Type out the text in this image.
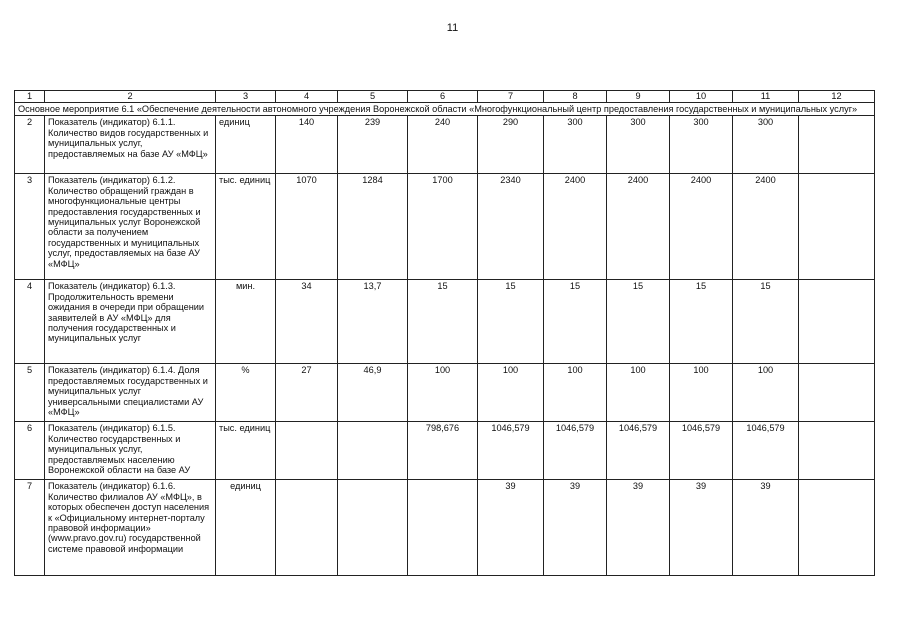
11
1	2	3	4	5	6	7	8	9	10	11	12
Основное мероприятие 6.1 «Обеспечение деятельности автономного учреждения Воронежской области «Многофункциональный центр предоставления государственных и муниципальных услуг»											
2	Показатель (индикатор) 6.1.1. Количество видов государственных и муниципальных услуг, предоставляемых на базе АУ «МФЦ»	единиц	140	239	240	290	300	300	300	300	
3	Показатель (индикатор) 6.1.2. Количество обращений граждан в многофункциональные центры предоставления государственных и муниципальных услуг Воронежской области за получением государственных и муниципальных услуг, предоставляемых на базе АУ «МФЦ»	тыс. единиц	1070	1284	1700	2340	2400	2400	2400	2400	
4	Показатель (индикатор) 6.1.3. Продолжительность времени ожидания в очереди при обращении заявителей в АУ «МФЦ» для получения государственных и муниципальных услуг	мин.	34	13,7	15	15	15	15	15	15	
5	Показатель (индикатор) 6.1.4. Доля предоставляемых государственных и муниципальных услуг универсальными специалистами АУ «МФЦ»	%	27	46,9	100	100	100	100	100	100	
6	Показатель (индикатор) 6.1.5. Количество государственных и муниципальных услуг, предоставляемых населению Воронежской области на базе АУ	тыс. единиц			798,676	1046,579	1046,579	1046,579	1046,579	1046,579	
7	Показатель (индикатор) 6.1.6. Количество филиалов АУ «МФЦ», в которых обеспечен доступ населения к «Официальному интернет-порталу правовой информации» (www.pravo.gov.ru) государственной системе правовой информации	единиц				39	39	39	39	39	
